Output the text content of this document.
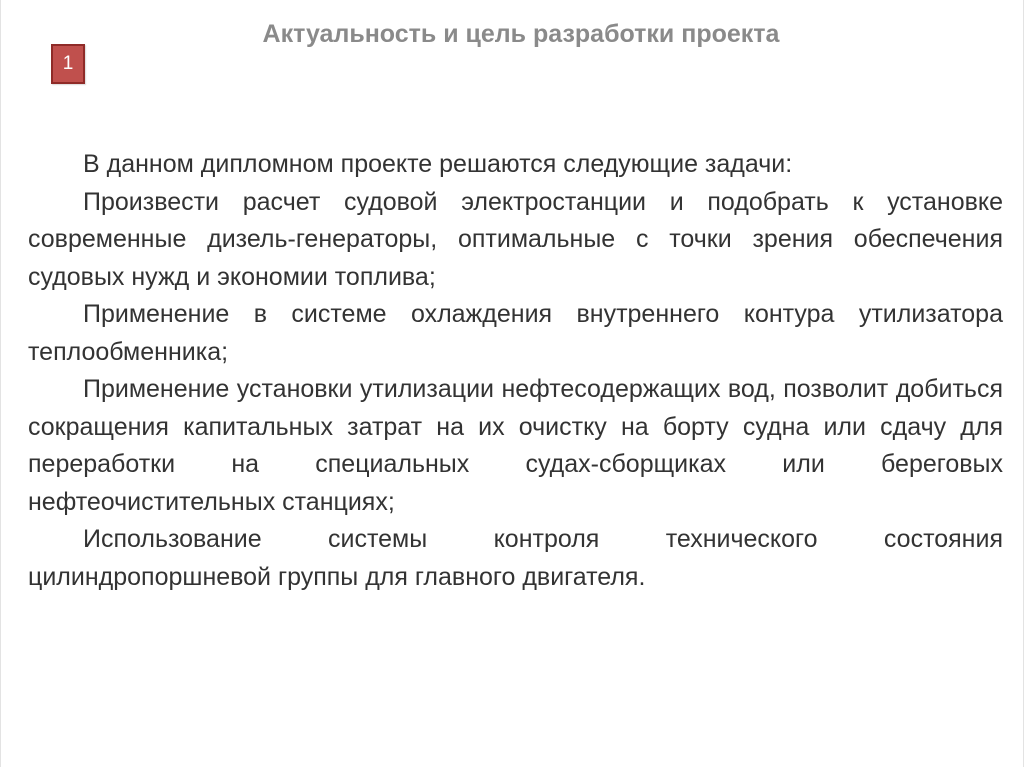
Актуальность и цель разработки проекта
1

В данном дипломном проекте решаются следующие задачи:

Произвести расчет судовой электростанции и подобрать к установке современные дизель-генераторы, оптимальные с точки зрения обеспечения судовых нужд и экономии топлива;

Применение в системе охлаждения внутреннего контура утилизатора теплообменника;

Применение установки утилизации нефтесодержащих вод, позволит добиться сокращения капитальных затрат на их очистку на борту судна или сдачу для переработки на специальных судах-сборщиках или береговых нефтеочистительных станциях;

Использование системы контроля технического состояния цилиндропоршневой группы для главного двигателя.
